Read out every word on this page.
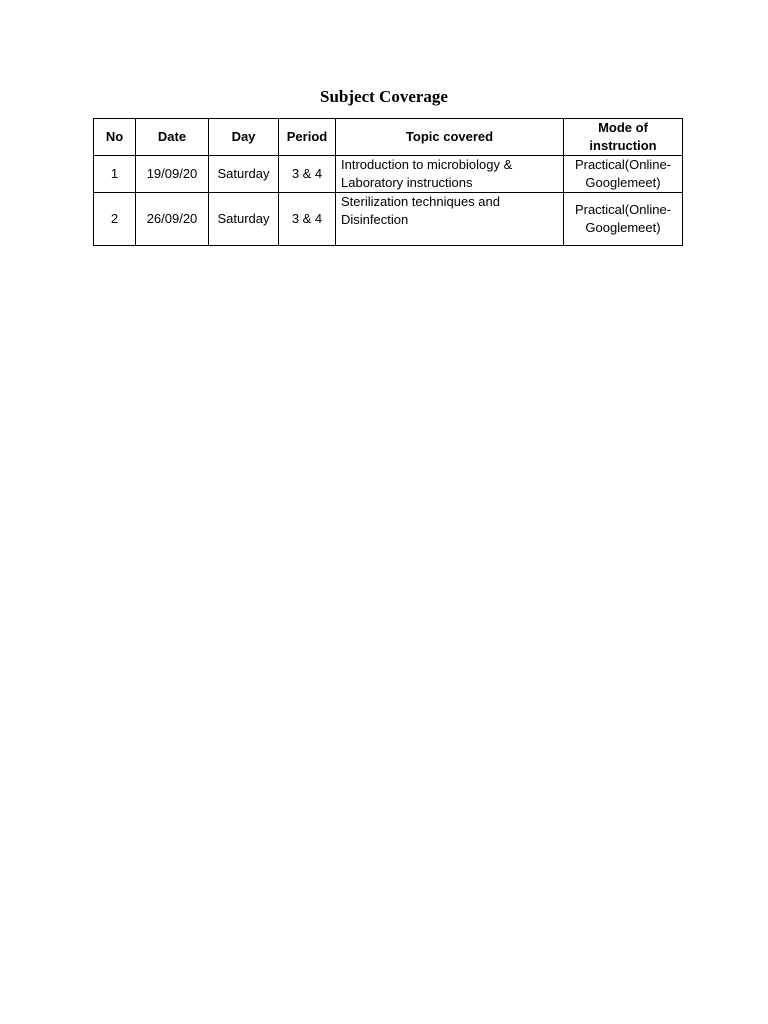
Subject Coverage
No	Date	Day	Period	Topic covered	Mode of instruction

1	19/09/20	Saturday	3 & 4	Introduction to microbiology & Laboratory instructions	Practical(Online-Googlemeet)

2	26/09/20	Saturday	3 & 4	Sterilization techniques and Disinfection	Practical(Online-Googlemeet)
